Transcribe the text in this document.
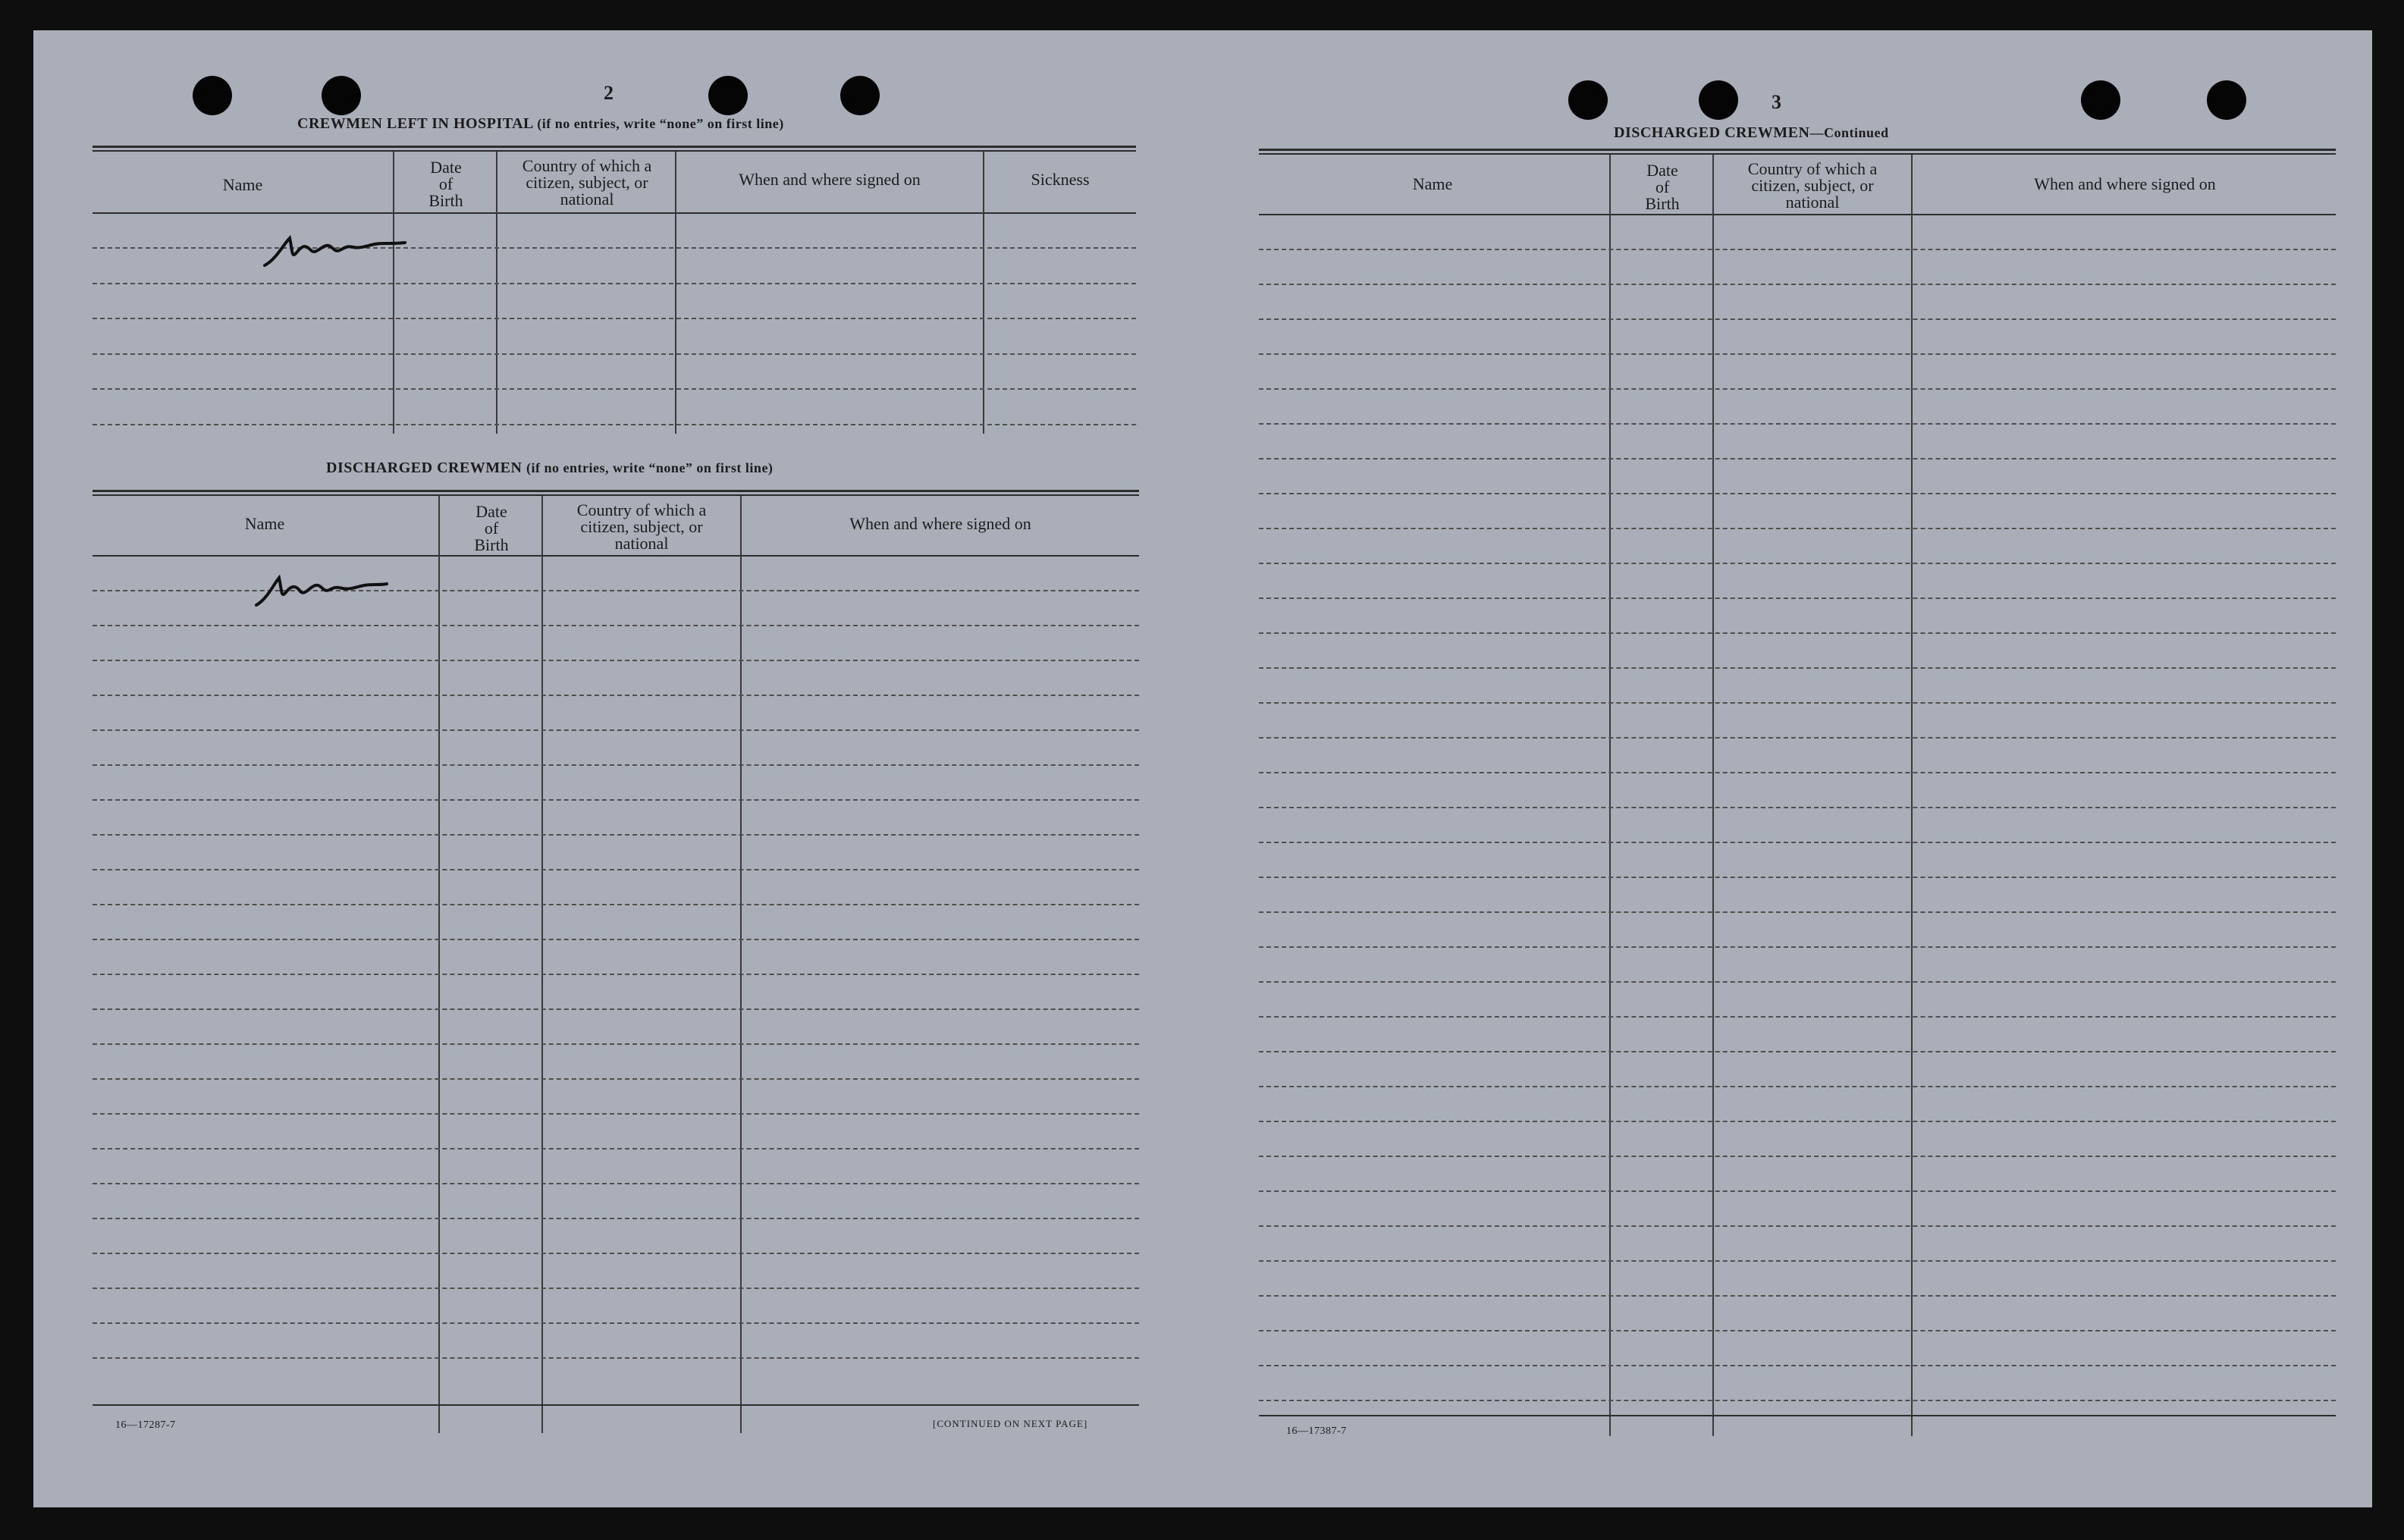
2
CREWMEN LEFT IN HOSPITAL (if no entries, write “none” on first line)
Name
Date
of
Birth
Country of which a
citizen, subject, or
national
When and where signed on	Sickness
DISCHARGED CREWMEN (if no entries, write “none” on first line)
Name
Date
of
Birth
Country of which a
citizen, subject, or
national
When and where signed on
16—17287-7	[CONTINUED ON NEXT PAGE]
3
DISCHARGED CREWMEN—Continued
Name
Date
of
Birth
Country of which a
citizen, subject, or
national
When and where signed on
16—17387-7
